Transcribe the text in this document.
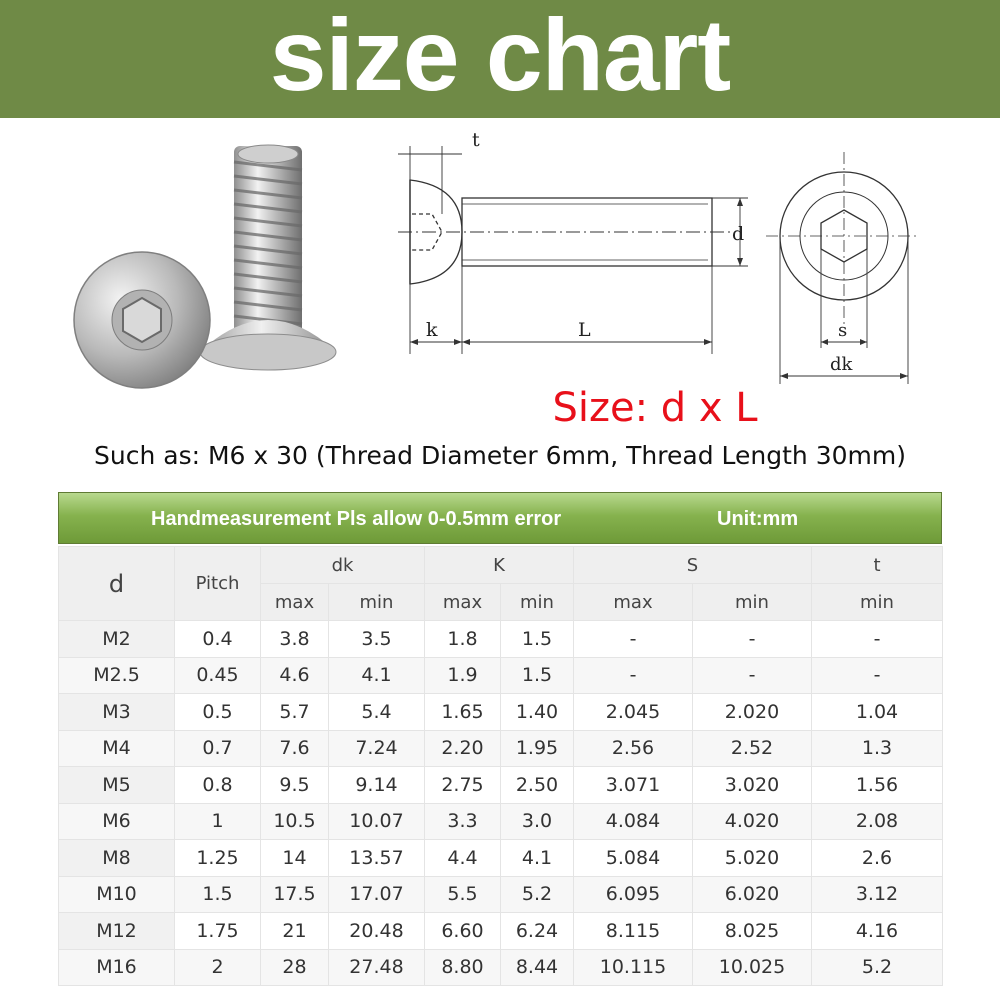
size chart
t
d
k	L	s
dk
Size: d x L
Such as: M6 x 30 (Thread Diameter 6mm, Thread Length 30mm)
Handmeasurement Pls allow 0-0.5mm error	Unit:mm
d	Pitch	dk		K		S		t
		max	min	max	min	max	min	min
M2	0.4	3.8	3.5	1.8	1.5	-	-	-
M2.5	0.45	4.6	4.1	1.9	1.5	-	-	-
M3	0.5	5.7	5.4	1.65	1.40	2.045	2.020	1.04
M4	0.7	7.6	7.24	2.20	1.95	2.56	2.52	1.3
M5	0.8	9.5	9.14	2.75	2.50	3.071	3.020	1.56
M6	1	10.5	10.07	3.3	3.0	4.084	4.020	2.08
M8	1.25	14	13.57	4.4	4.1	5.084	5.020	2.6
M10	1.5	17.5	17.07	5.5	5.2	6.095	6.020	3.12
M12	1.75	21	20.48	6.60	6.24	8.115	8.025	4.16
M16	2	28	27.48	8.80	8.44	10.115	10.025	5.2
